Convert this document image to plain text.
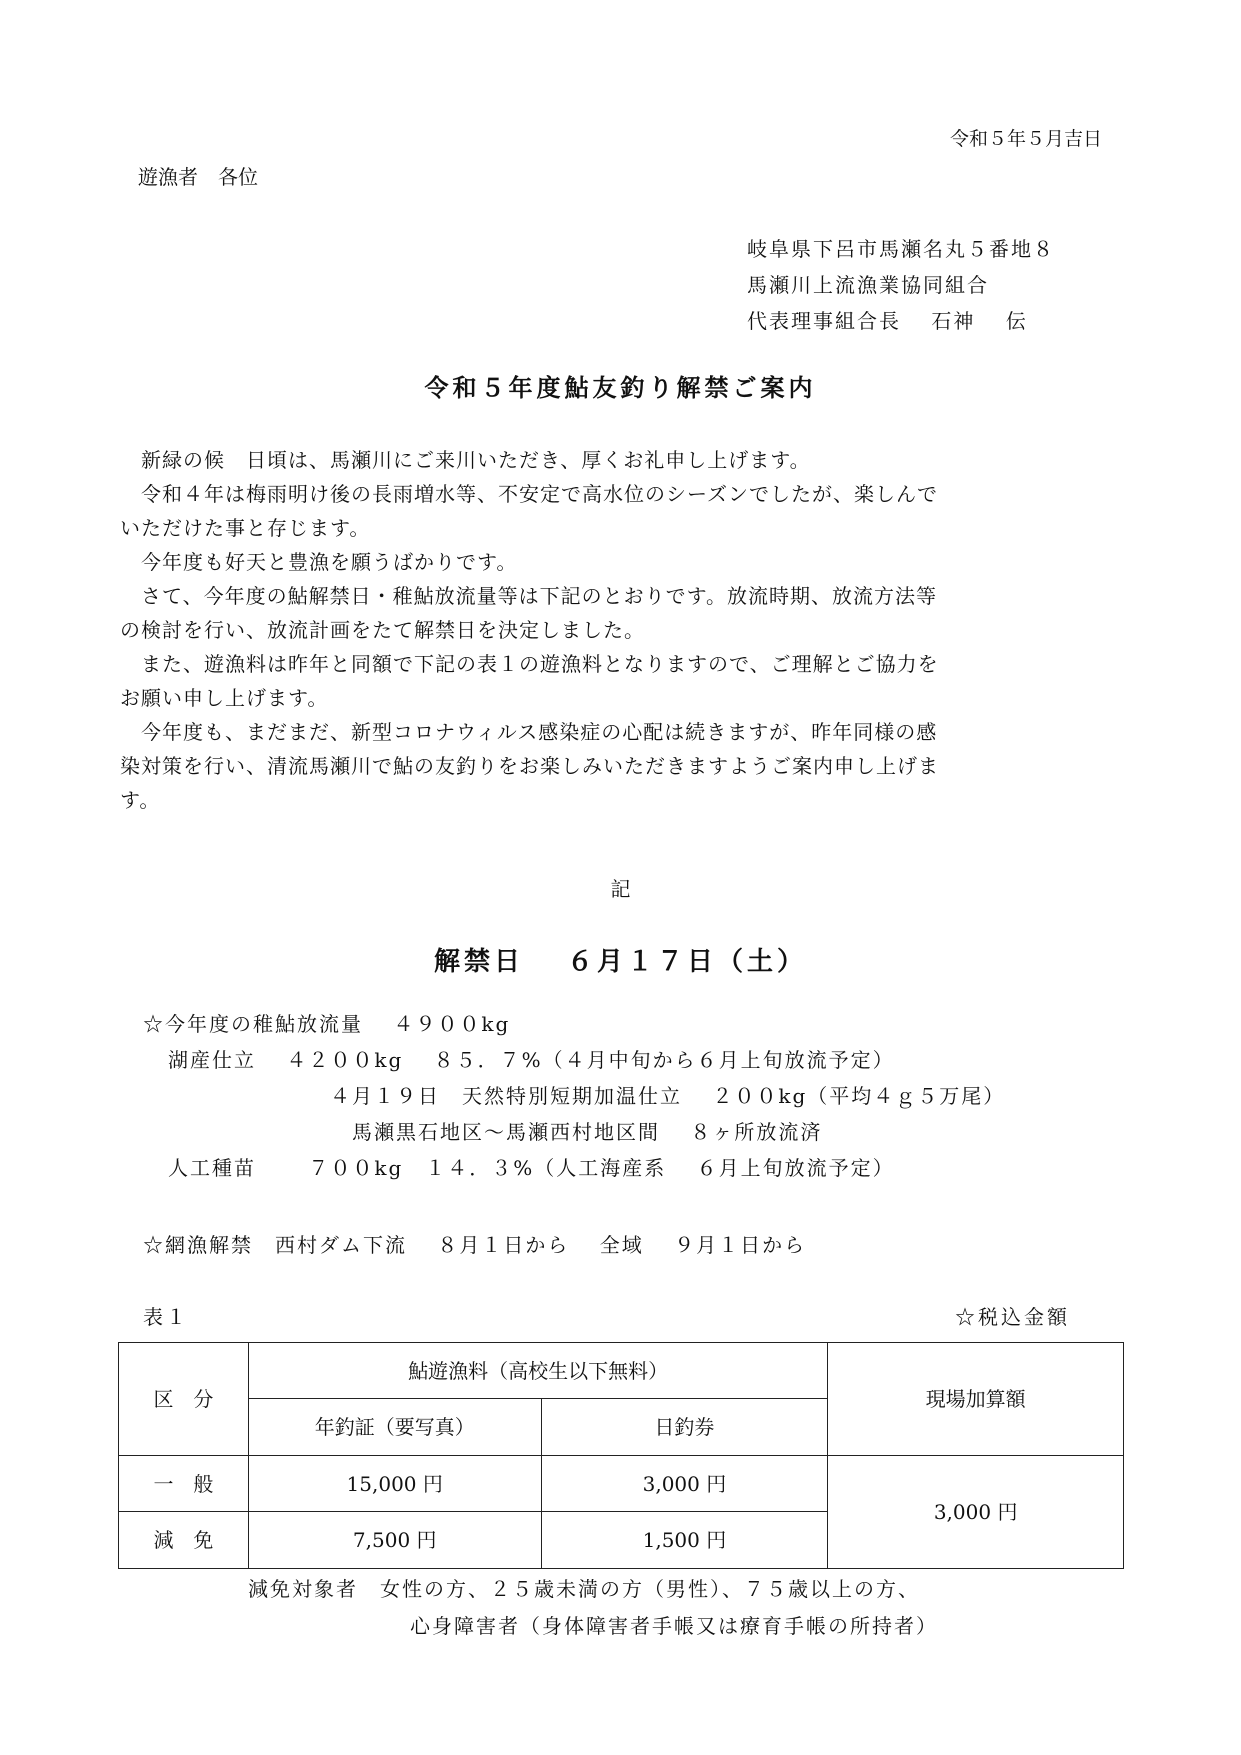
令和５年５月吉日
遊漁者　各位
岐阜県下呂市馬瀬名丸５番地８
馬瀬川上流漁業協同組合
代表理事組合長　 石神　 伝
令和５年度鮎友釣り解禁ご案内

　新緑の候　日頃は、馬瀬川にご来川いただき、厚くお礼申し上げます。

　令和４年は梅雨明け後の長雨増水等、不安定で高水位のシーズンでしたが、楽しんで

いただけた事と存じます。

　今年度も好天と豊漁を願うばかりです。

　さて、今年度の鮎解禁日・稚鮎放流量等は下記のとおりです。放流時期、放流方法等

の検討を行い、放流計画をたて解禁日を決定しました。

　また、遊漁料は昨年と同額で下記の表１の遊漁料となりますので、ご理解とご協力を

お願い申し上げます。

　今年度も、まだまだ、新型コロナウィルス感染症の心配は続きますが、昨年同様の感

染対策を行い、清流馬瀬川で鮎の友釣りをお楽しみいただきますようご案内申し上げま

す。

記
解禁日　 ６月１７日（土）
☆今年度の稚鮎放流量　 ４９００kg
湖産仕立　 ４２００kg　 ８５．７%（４月中旬から６月上旬放流予定）
４月１９日　天然特別短期加温仕立　 ２００kg（平均４ｇ５万尾）
馬瀬黒石地区～馬瀬西村地区間　 ８ヶ所放流済
人工種苗　　 ７００kg　１４．３%（人工海産系　 ６月上旬放流予定）
☆網漁解禁　西村ダム下流　 ８月１日から　 全域　 ９月１日から
表１	☆税込金額
区　分	鮎遊漁料（高校生以下無料）		現場加算額
	年釣証（要写真）	日釣券	
一　般	15,000 円	3,000 円	3,000 円
減　免	7,500 円	1,500 円	
減免対象者　女性の方、２５歳未満の方（男性）、７５歳以上の方、
心身障害者（身体障害者手帳又は療育手帳の所持者）
